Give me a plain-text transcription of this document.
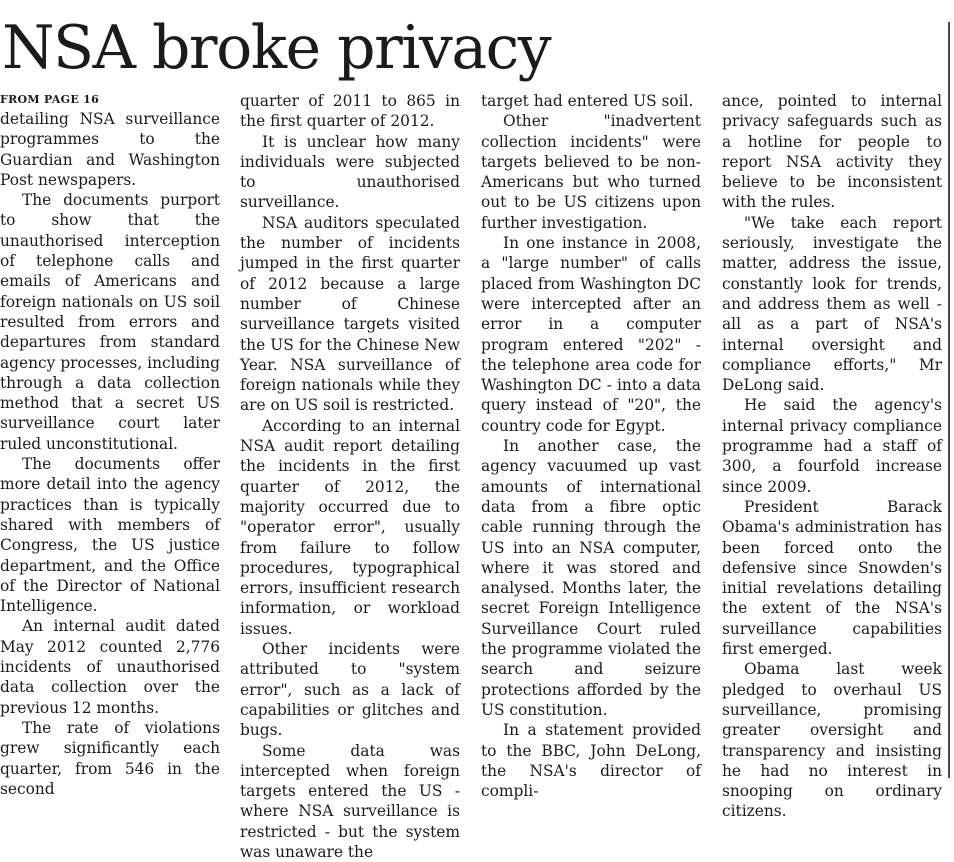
NSA broke privacy
FROM PAGE 16

detailing NSA surveillance programmes to the Guardian and Washington Post newspapers.

The documents purport to show that the unauthorised interception of telephone calls and emails of Americans and foreign nationals on US soil resulted from errors and departures from standard agency processes, including through a data collection method that a secret US surveillance court later ruled unconstitutional.

The documents offer more detail into the agency practices than is typically shared with members of Congress, the US justice department, and the Office of the Director of National Intelligence.

An internal audit dated May 2012 counted 2,776 incidents of unauthorised data collection over the previous 12 months.

The rate of violations grew significantly each quarter, from 546 in the second

quarter of 2011 to 865 in the first quarter of 2012.

It is unclear how many individuals were subjected to unauthorised surveillance.

NSA auditors speculated the number of incidents jumped in the first quarter of 2012 because a large number of Chinese surveillance targets visited the US for the Chinese New Year. NSA surveillance of foreign nationals while they are on US soil is restricted.

According to an internal NSA audit report detailing the incidents in the first quarter of 2012, the majority occurred due to "operator error", usually from failure to follow procedures, typographical errors, insufficient research information, or workload issues.

Other incidents were attributed to "system error", such as a lack of capabilities or glitches and bugs.

Some data was intercepted when foreign targets entered the US - where NSA surveillance is restricted - but the system was unaware the

target had entered US soil.

Other "inadvertent collection incidents" were targets believed to be non-Americans but who turned out to be US citizens upon further investigation.

In one instance in 2008, a "large number" of calls placed from Washington DC were intercepted after an error in a computer program entered "202" - the telephone area code for Washington DC - into a data query instead of "20", the country code for Egypt.

In another case, the agency vacuumed up vast amounts of international data from a fibre optic cable running through the US into an NSA computer, where it was stored and analysed. Months later, the secret Foreign Intelligence Surveillance Court ruled the programme violated the search and seizure protections afforded by the US constitution.

In a statement provided to the BBC, John DeLong, the NSA's director of compli-

ance, pointed to internal privacy safeguards such as a hotline for people to report NSA activity they believe to be inconsistent with the rules.

"We take each report seriously, investigate the matter, address the issue, constantly look for trends, and address them as well - all as a part of NSA's internal oversight and compliance efforts," Mr DeLong said.

He said the agency's internal privacy compliance programme had a staff of 300, a fourfold increase since 2009.

President Barack Obama's administration has been forced onto the defensive since Snowden's initial revelations detailing the extent of the NSA's surveillance capabilities first emerged.

Obama last week pledged to overhaul US surveillance, promising greater oversight and transparency and insisting he had no interest in snooping on ordinary citizens.
